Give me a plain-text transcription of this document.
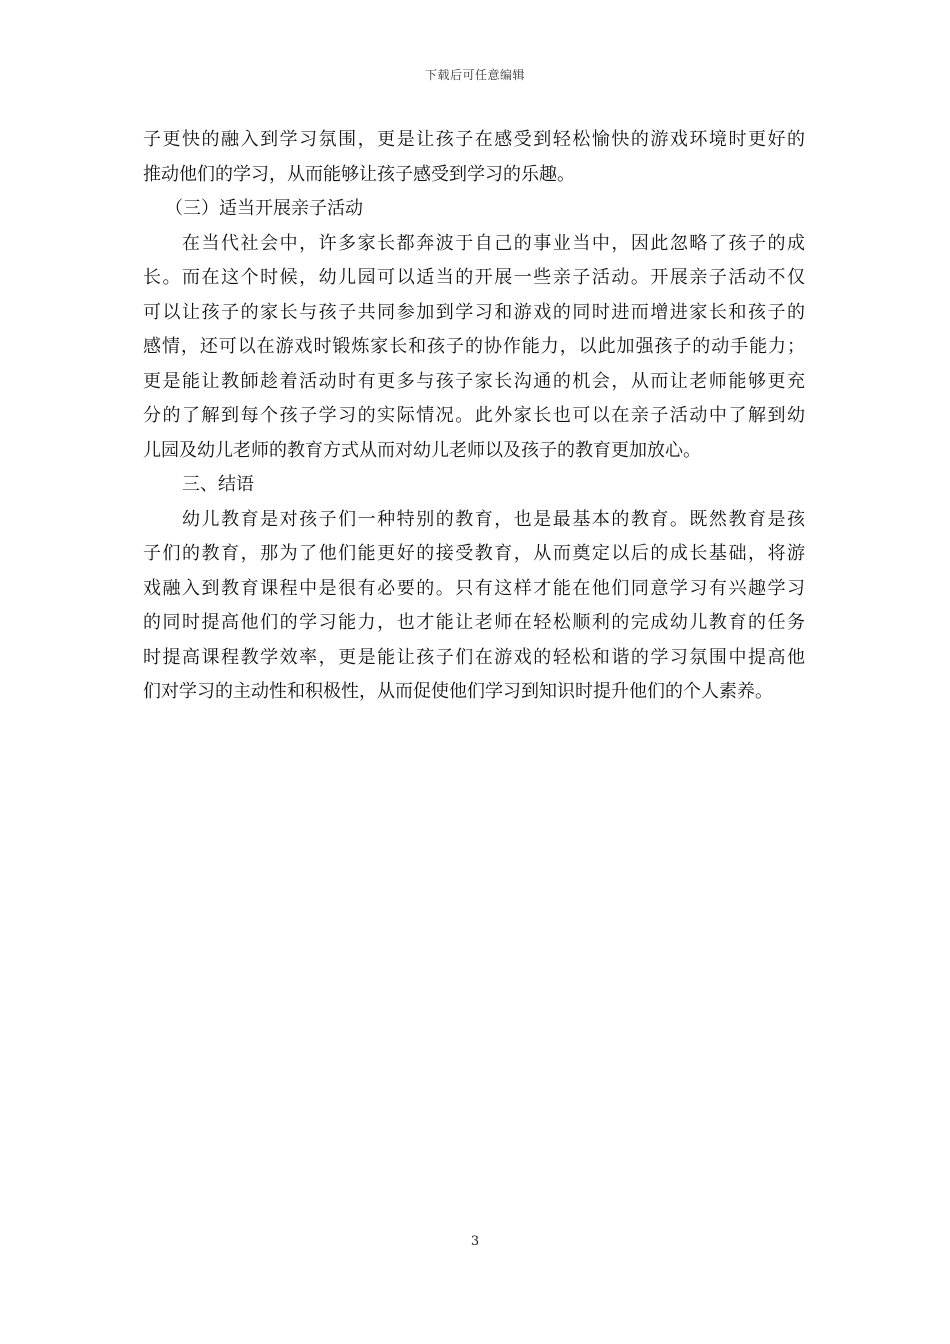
下载后可任意编辑
子更快的融入到学习氛围，更是让孩子在感受到轻松愉快的游戏环境时更好的
推动他们的学习，从而能够让孩子感受到学习的乐趣。
（三）适当开展亲子活动
在当代社会中，许多家长都奔波于自己的事业当中，因此忽略了孩子的成
长。而在这个时候，幼儿园可以适当的开展一些亲子活动。开展亲子活动不仅
可以让孩子的家长与孩子共同参加到学习和游戏的同时进而增进家长和孩子的
感情，还可以在游戏时锻炼家长和孩子的协作能力，以此加强孩子的动手能力；
更是能让教師趁着活动时有更多与孩子家长沟通的机会，从而让老师能够更充
分的了解到每个孩子学习的实际情况。此外家长也可以在亲子活动中了解到幼
儿园及幼儿老师的教育方式从而对幼儿老师以及孩子的教育更加放心。
三、结语
幼儿教育是对孩子们一种特别的教育，也是最基本的教育。既然教育是孩
子们的教育，那为了他们能更好的接受教育，从而奠定以后的成长基础，将游
戏融入到教育课程中是很有必要的。只有这样才能在他们同意学习有兴趣学习
的同时提高他们的学习能力，也才能让老师在轻松顺利的完成幼儿教育的任务
时提高课程教学效率，更是能让孩子们在游戏的轻松和谐的学习氛围中提高他
们对学习的主动性和积极性，从而促使他们学习到知识时提升他们的个人素养。
3
